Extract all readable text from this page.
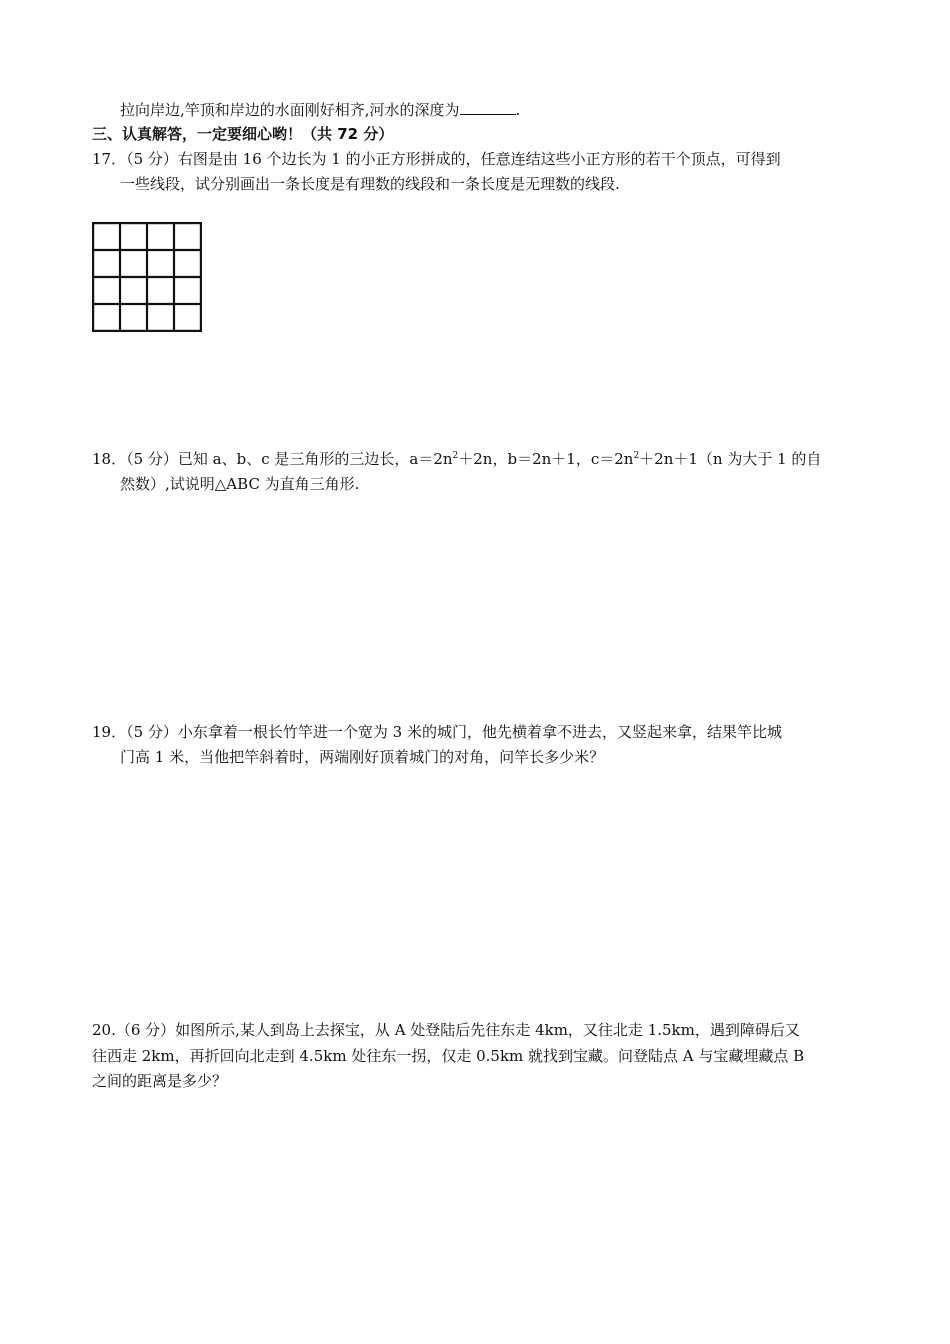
拉向岸边,竿顶和岸边的水面刚好相齐,河水的深度为	.
三、认真解答，一定要细心哟！（共 72 分）
17．（5 分）右图是由 16 个边长为 1 的小正方形拼成的，任意连结这些小正方形的若干个顶点，可得到
一些线段，试分别画出一条长度是有理数的线段和一条长度是无理数的线段.
18．（5 分）已知 a、b、c 是三角形的三边长，$a=2n^2+2n$，b＝2n＋1，$c=2n^2+2n+1(n$ 为大于 1 的自
然数）,试说明△ABC 为直角三角形.
19．（5 分）小东拿着一根长竹竿进一个宽为 3 米的城门，他先横着拿不进去，又竖起来拿，结果竿比城
门高 1 米，当他把竿斜着时，两端刚好顶着城门的对角，问竿长多少米？
20.（6 分）如图所示,某人到岛上去探宝，从 A 处登陆后先往东走 4km，又往北走 1.5km，遇到障碍后又
往西走 2km，再折回向北走到 4.5km 处往东一拐，仅走 0.5km 就找到宝藏。问登陆点 A 与宝藏埋藏点 B
之间的距离是多少？
